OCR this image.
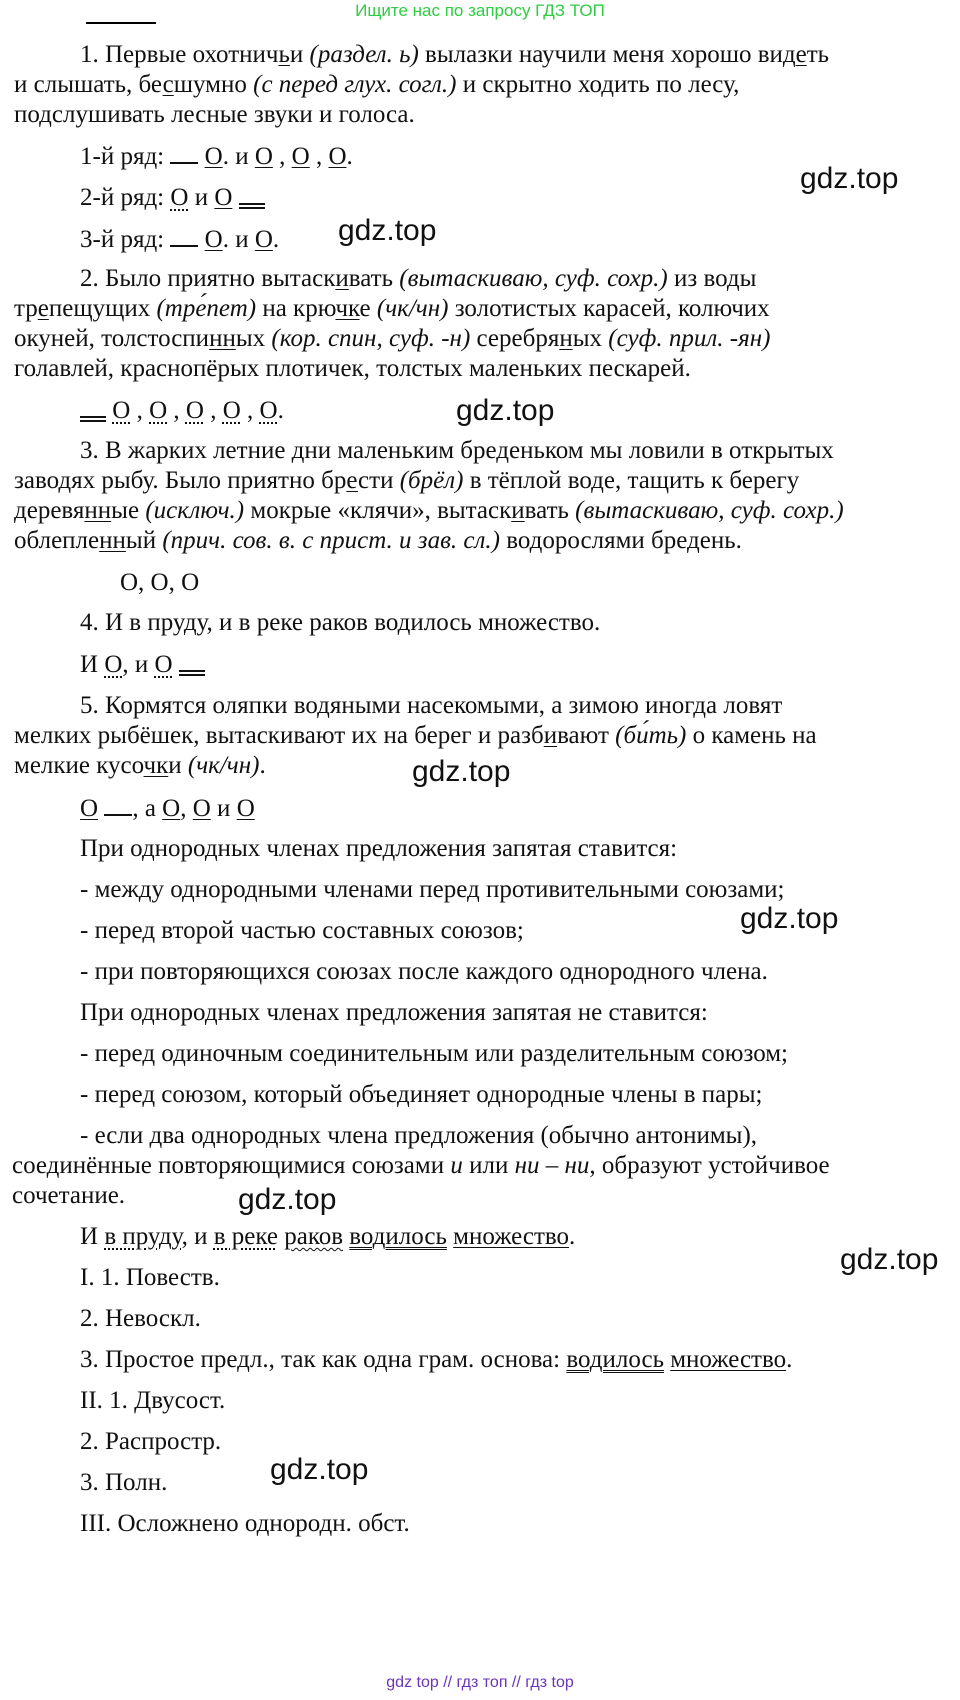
Ищите нас по запросу ГДЗ ТОП
1. Первые охотничьи (раздел. ь) вылазки научили меня хорошо видеть
и слышать, бесшумно (с перед глух. согл.) и скрытно ходить по лесу,
подслушивать лесные звуки и голоса.
1-й ряд: О. и О , О , О.
2-й ряд: О и О
3-й ряд: О. и О.
2. Было приятно вытаскивать (вытаскиваю, суф. сохр.) из воды
трепещущих (тре́пет) на крючке (чк/чн) золотистых карасей, колючих
окуней, толстоспинных (кор. спин, суф. -н) серебряных (суф. прил. -ян)
голавлей, краснопёрых плотичек, толстых маленьких пескарей.
О , О , О , О , О.
3. В жарких летние дни маленьким бреденьком мы ловили в открытых
заводях рыбу. Было приятно брести (брёл) в тёплой воде, тащить к берегу
деревянные (исключ.) мокрые «клячи», вытаскивать (вытаскиваю, суф. сохр.)
облепленный (прич. сов. в. с прист. и зав. сл.) водорослями бредень.
О, О, О
4. И в пруду, и в реке раков водилось множество.
И О, и О
5. Кормятся оляпки водяными насекомыми, а зимою иногда ловят
мелких рыбёшек, вытаскивают их на берег и разбивают (би́ть) о камень на
мелкие кусочки (чк/чн).
О , а О, О и О
При однородных членах предложения запятая ставится:
- между однородными членами перед противительными союзами;
- перед второй частью составных союзов;
- при повторяющихся союзах после каждого однородного члена.
При однородных членах предложения запятая не ставится:
- перед одиночным соединительным или разделительным союзом;
- перед союзом, который объединяет однородные члены в пары;
- если два однородных члена предложения (обычно антонимы),
соединённые повторяющимися союзами и или ни – ни, образуют устойчивое
сочетание.
И в пруду, и в реке раков водилось множество.
I. 1. Повеств.
2. Невоскл.
3. Простое предл., так как одна грам. основа: водилось множество.
II. 1. Двусост.
2. Распростр.
3. Полн.
III. Осложнено однородн. обст.
gdz.top
gdz.top
gdz.top
gdz.top
gdz.top
gdz.top
gdz.top
gdz.top
gdz top // гдз топ // гдз top
